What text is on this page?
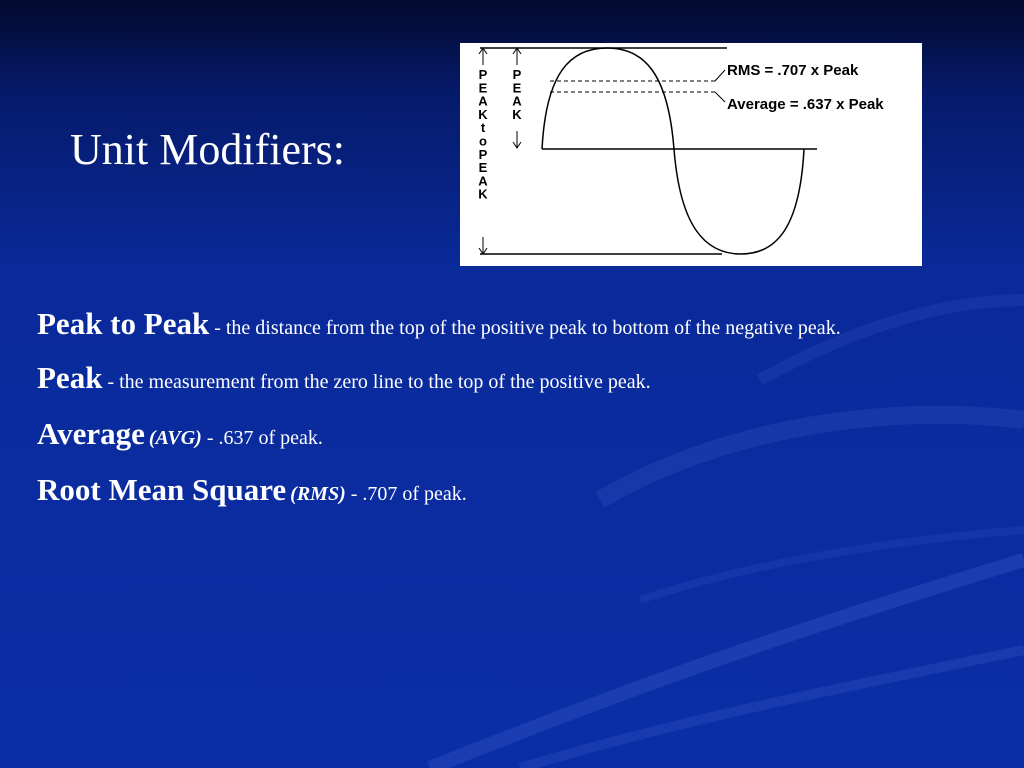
Unit Modifiers:
P
E
A
K
t
o
P
E
A
K
P
E
A
K
RMS = .707 x Peak
Average = .637 x Peak

Peak to Peak - the distance from the top of the positive peak to bottom of the negative peak.

Peak - the measurement from the zero line to the top of the positive peak.

Average (AVG) - .637 of peak.

Root Mean Square (RMS) - .707 of peak.
